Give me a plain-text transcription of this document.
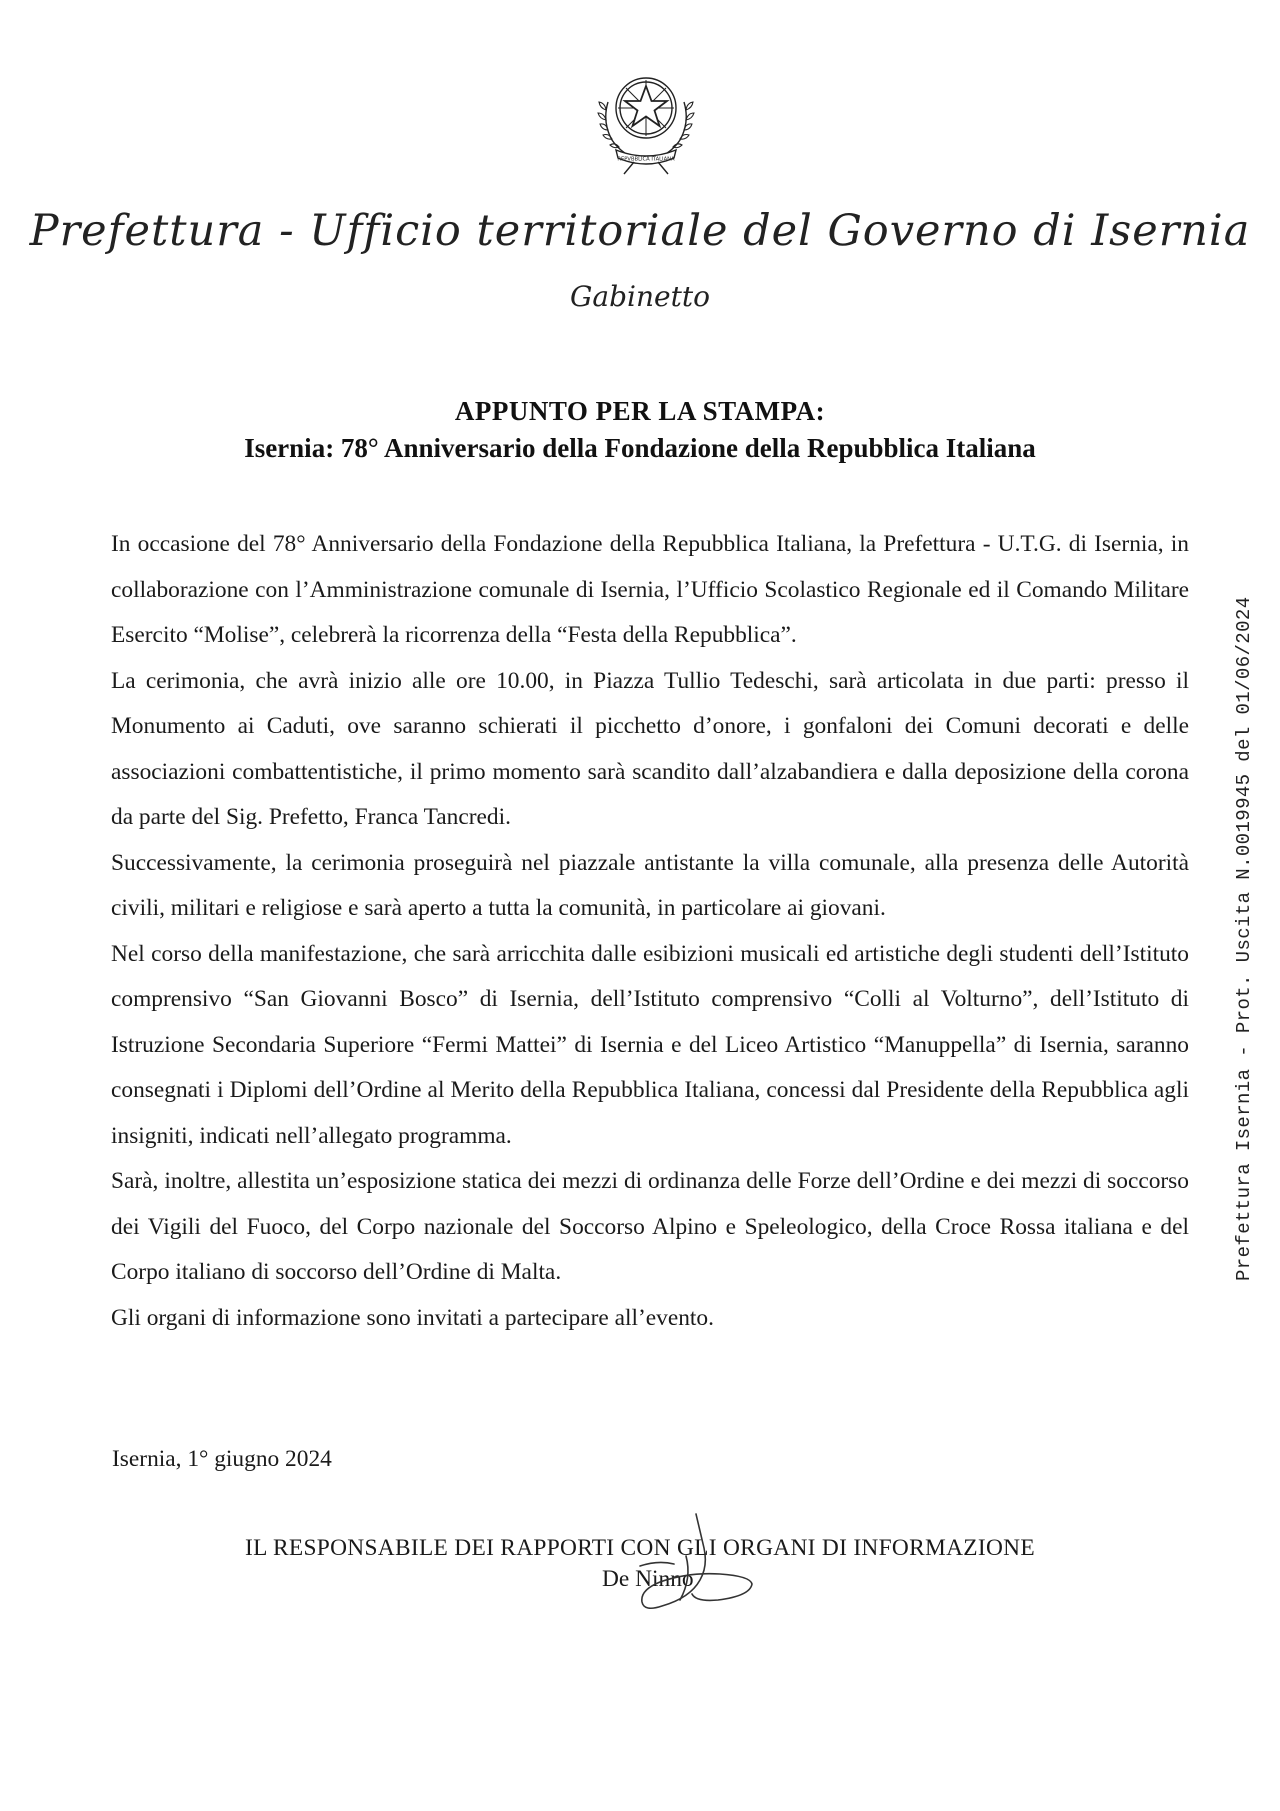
REPVBBLICA ITALIANA
Prefettura - Ufficio territoriale del Governo di Isernia
Gabinetto
APPUNTO PER LA STAMPA:
Isernia: 78° Anniversario della Fondazione della Repubblica Italiana

In occasione del 78° Anniversario della Fondazione della Repubblica Italiana, la Prefettura - U.T.G. di Isernia, in collaborazione con l’Amministrazione comunale di Isernia, l’Ufficio Scolastico Regionale ed il Comando Militare Esercito “Molise”, celebrerà la ricorrenza della “Festa della Repubblica”.

La cerimonia, che avrà inizio alle ore 10.00, in Piazza Tullio Tedeschi, sarà articolata in due parti: presso il Monumento ai Caduti, ove saranno schierati il picchetto d’onore, i gonfaloni dei Comuni decorati e delle associazioni combattentistiche, il primo momento sarà scandito dall’alzabandiera e dalla deposizione della corona da parte del Sig. Prefetto, Franca Tancredi.

Successivamente, la cerimonia proseguirà nel piazzale antistante la villa comunale, alla presenza delle Autorità civili, militari e religiose e sarà aperto a tutta la comunità, in particolare ai giovani.

Nel corso della manifestazione, che sarà arricchita dalle esibizioni musicali ed artistiche degli studenti dell’Istituto comprensivo “San Giovanni Bosco” di Isernia, dell’Istituto comprensivo “Colli al Volturno”, dell’Istituto di Istruzione Secondaria Superiore “Fermi Mattei” di Isernia e del Liceo Artistico “Manuppella” di Isernia, saranno consegnati i Diplomi dell’Ordine al Merito della Repubblica Italiana, concessi dal Presidente della Repubblica agli insigniti, indicati nell’allegato programma.

Sarà, inoltre, allestita un’esposizione statica dei mezzi di ordinanza delle Forze dell’Ordine e dei mezzi di soccorso dei Vigili del Fuoco, del Corpo nazionale del Soccorso Alpino e Speleologico, della Croce Rossa italiana e del Corpo italiano di soccorso dell’Ordine di Malta.

Gli organi di informazione sono invitati a partecipare all’evento.

Isernia, 1° giugno 2024
IL RESPONSABILE DEI RAPPORTI CON GLI ORGANI DI INFORMAZIONE
De Ninno
Prefettura Isernia - Prot. Uscita N.0019945 del 01/06/2024
